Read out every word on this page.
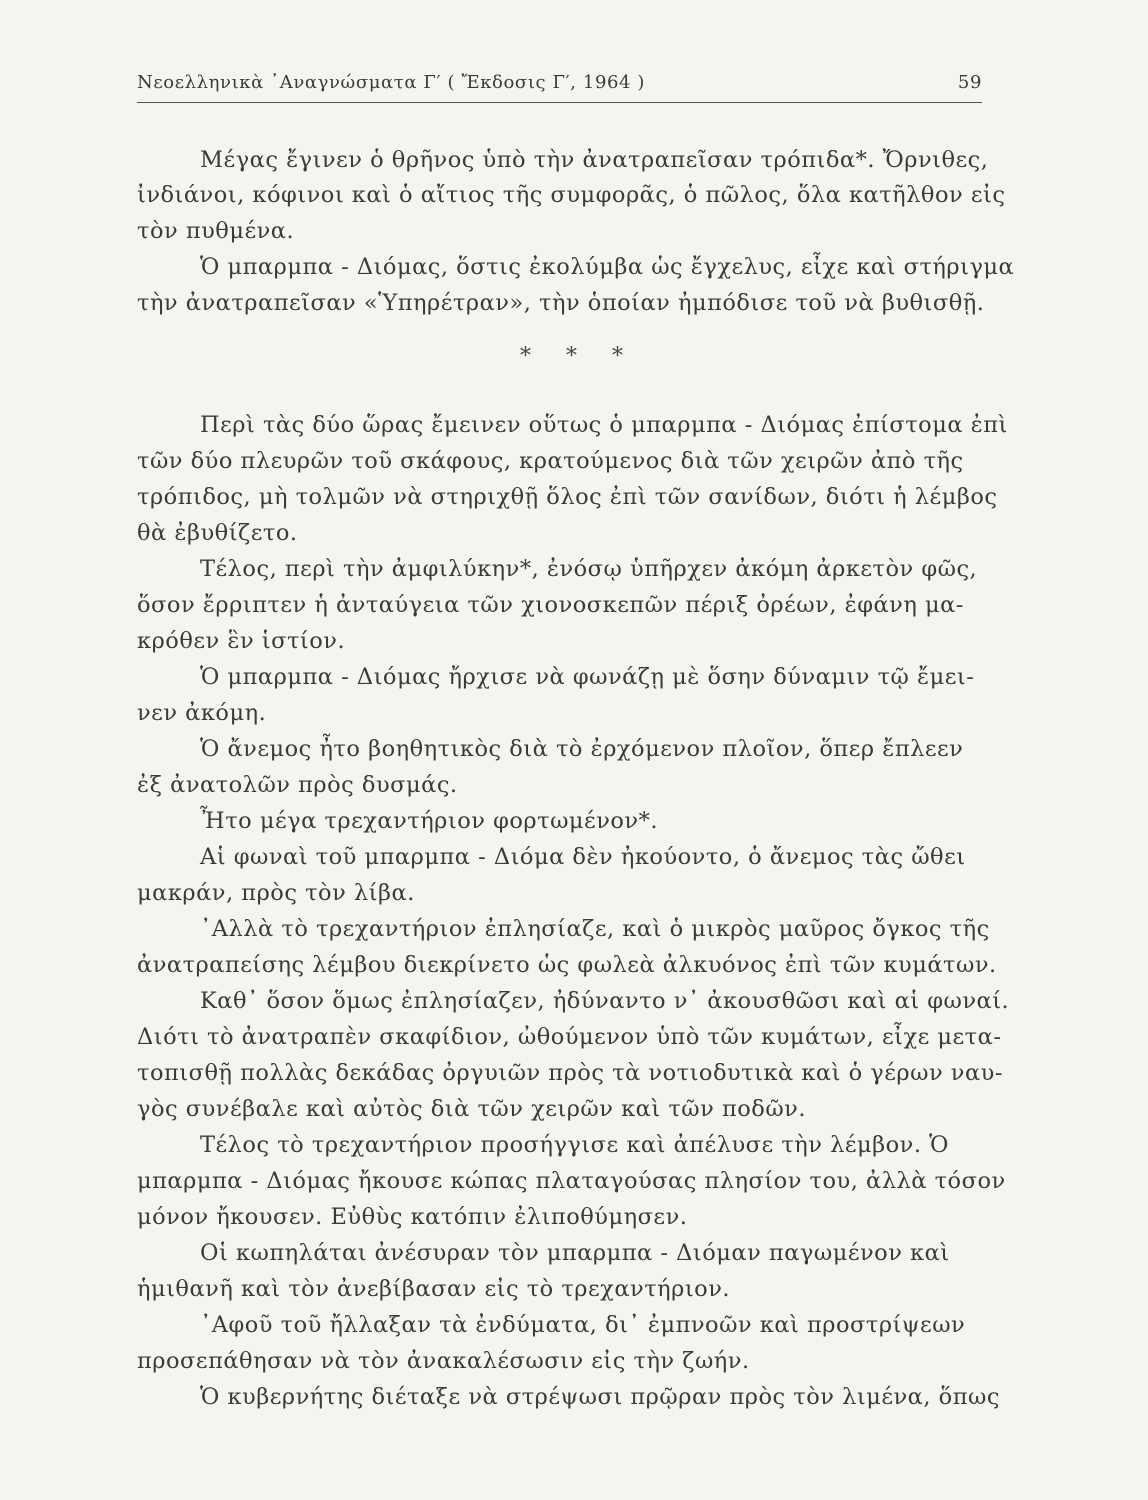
Νεοελληνικὰ ᾿Αναγνώσματα Γ′ ( Ἔκδοσις Γ′, 1964 )	59
Μέγας ἔγινεν ὁ θρῆνος ὑπὸ τὴν ἀνατραπεῖσαν τρόπιδα*. Ὄρνιθες,
ἰνδιάνοι, κόφινοι καὶ ὁ αἴτιος τῆς συμφορᾶς, ὁ πῶλος, ὅλα κατῆλθον εἰς
τὸν πυθμένα.
Ὁ μπαρμπα - Διόμας, ὅστις ἐκολύμβα ὡς ἔγχελυς, εἶχε καὶ στήριγμα
τὴν ἀνατραπεῖσαν «Ὑπηρέτραν», τὴν ὁποίαν ἠμπόδισε τοῦ νὰ βυθισθῇ.
* * *
Περὶ τὰς δύο ὥρας ἔμεινεν οὕτως ὁ μπαρμπα - Διόμας ἐπίστομα ἐπὶ
τῶν δύο πλευρῶν τοῦ σκάφους, κρατούμενος διὰ τῶν χειρῶν ἀπὸ τῆς
τρόπιδος, μὴ τολμῶν νὰ στηριχθῇ ὅλος ἐπὶ τῶν σανίδων, διότι ἡ λέμβος
θὰ ἐβυθίζετο.
Τέλος, περὶ τὴν ἀμφιλύκην*, ἐνόσῳ ὑπῆρχεν ἀκόμη ἀρκετὸν φῶς,
ὅσον ἔρριπτεν ἡ ἀνταύγεια τῶν χιονοσκεπῶν πέριξ ὀρέων, ἐφάνη μα-
κρόθεν ἓν ἱστίον.
Ὁ μπαρμπα - Διόμας ἤρχισε νὰ φωνάζῃ μὲ ὅσην δύναμιν τῷ ἔμει-
νεν ἀκόμη.
Ὁ ἄνεμος ἦτο βοηθητικὸς διὰ τὸ ἐρχόμενον πλοῖον, ὅπερ ἔπλεεν
ἐξ ἀνατολῶν πρὸς δυσμάς.
Ἦτο μέγα τρεχαντήριον φορτωμένον*.
Αἱ φωναὶ τοῦ μπαρμπα - Διόμα δὲν ἠκούοντο, ὁ ἄνεμος τὰς ὤθει
μακράν, πρὸς τὸν λίβα.
᾿Αλλὰ τὸ τρεχαντήριον ἐπλησίαζε, καὶ ὁ μικρὸς μαῦρος ὄγκος τῆς
ἀνατραπείσης λέμβου διεκρίνετο ὡς φωλεὰ ἀλκυόνος ἐπὶ τῶν κυμάτων.
Καθ᾿ ὅσον ὅμως ἐπλησίαζεν, ἠδύναντο ν᾿ ἀκουσθῶσι καὶ αἱ φωναί.
Διότι τὸ ἀνατραπὲν σκαφίδιον, ὠθούμενον ὑπὸ τῶν κυμάτων, εἶχε μετα-
τοπισθῇ πολλὰς δεκάδας ὀργυιῶν πρὸς τὰ νοτιοδυτικὰ καὶ ὁ γέρων ναυ-
γὸς συνέβαλε καὶ αὐτὸς διὰ τῶν χειρῶν καὶ τῶν ποδῶν.
Τέλος τὸ τρεχαντήριον προσήγγισε καὶ ἀπέλυσε τὴν λέμβον. Ὁ
μπαρμπα - Διόμας ἤκουσε κώπας πλαταγούσας πλησίον του, ἀλλὰ τόσον
μόνον ἤκουσεν. Εὐθὺς κατόπιν ἐλιποθύμησεν.
Οἱ κωπηλάται ἀνέσυραν τὸν μπαρμπα - Διόμαν παγωμένον καὶ
ἡμιθανῆ καὶ τὸν ἀνεβίβασαν εἰς τὸ τρεχαντήριον.
᾿Αφοῦ τοῦ ἤλλαξαν τὰ ἐνδύματα, δι᾿ ἐμπνοῶν καὶ προστρίψεων
προσεπάθησαν νὰ τὸν ἀνακαλέσωσιν εἰς τὴν ζωήν.
Ὁ κυβερνήτης διέταξε νὰ στρέψωσι πρῷραν πρὸς τὸν λιμένα, ὅπως
